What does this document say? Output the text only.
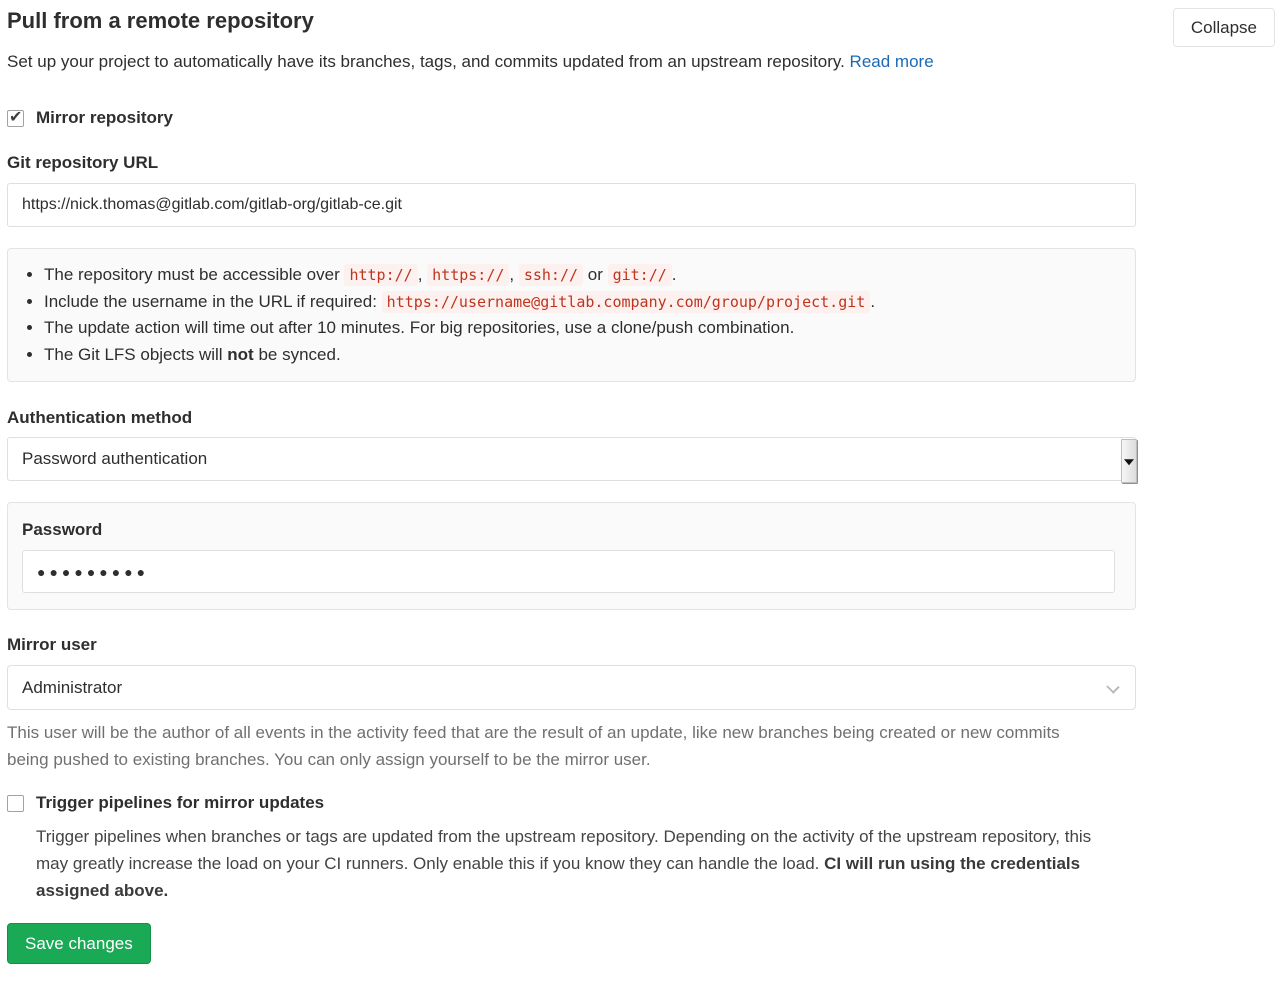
Collapse
Pull from a remote repository
Set up your project to automatically have its branches, tags, and commits updated from an upstream repository. Read more
Mirror repository
Git repository URL
https://nick.thomas@gitlab.com/gitlab-org/gitlab-ce.git
• The repository must be accessible over http:// , https:// , ssh:// or git:// .
• Include the username in the URL if required: https://username@gitlab.company.com/group/project.git .
• The update action will time out after 10 minutes. For big repositories, use a clone/push combination.
• The Git LFS objects will not be synced.
Authentication method
Password authentication
Password
●●●●●●●●●
Mirror user
Administrator
This user will be the author of all events in the activity feed that are the result of an update, like new branches being created or new commits being pushed to existing branches. You can only assign yourself to be the mirror user.
Trigger pipelines for mirror updates
Trigger pipelines when branches or tags are updated from the upstream repository. Depending on the activity of the upstream repository, this may greatly increase the load on your CI runners. Only enable this if you know they can handle the load. CI will run using the credentials assigned above.
Save changes
